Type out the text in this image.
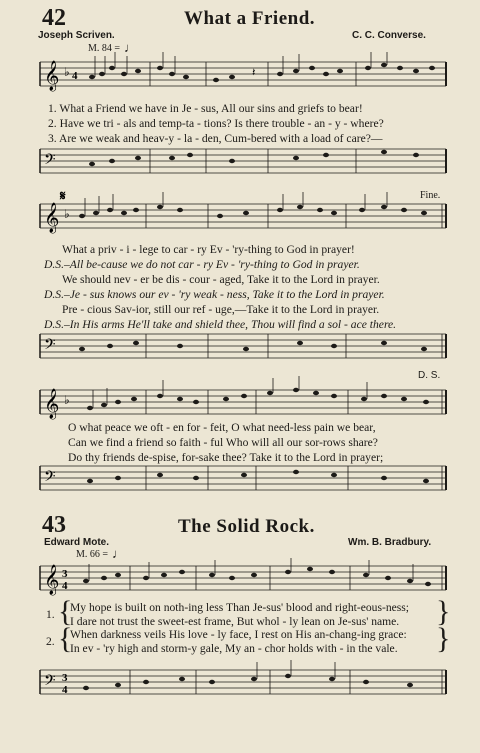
42	What a Friend.
Joseph Scriven.	C. C. Converse.
M. 84 = ♩
𝄞 ♭ 4	𝄽
1. What a Friend we have in Je - sus, All our sins and griefs to bear!
2. Have we tri - als and temp-ta - tions? Is there trouble - an - y - where?
3. Are we weak and heav-y - la - den, Cum-bered with a load of care?—
𝄢
𝄋
𝄞 ♭
Fine.
What a priv - i - lege to car - ry Ev - 'ry-thing to God in prayer!
D.S.–All be-cause we do not car - ry Ev - 'ry-thing to God in prayer.
We should nev - er be dis - cour - aged, Take it to the Lord in prayer.
D.S.–Je - sus knows our ev - 'ry weak - ness, Take it to the Lord in prayer.
Pre - cious Sav-ior, still our ref - uge,—Take it to the Lord in prayer.
D.S.–In His arms He'll take and shield thee, Thou will find a sol - ace there.
𝄢
D. S.
𝄞 ♭
O what peace we oft - en for - feit, O what need-less pain we bear,
Can we find a friend so faith - ful Who will all our sor-rows share?
Do thy friends de-spise, for-sake thee? Take it to the Lord in prayer;
𝄢
43	The Solid Rock.
Edward Mote.	Wm. B. Bradbury.
M. 66 = ♩
𝄞 3
4
1. {
My hope is built on noth-ing less Than Je-sus' blood and right-eous-ness;
I dare not trust the sweet-est frame, But whol - ly lean on Je-sus' name. }
2. {
When darkness veils His love - ly face, I rest on His an-chang-ing grace:
In ev - 'ry high and storm-y gale, My an - chor holds with - in the vale. }
𝄢 3
4
